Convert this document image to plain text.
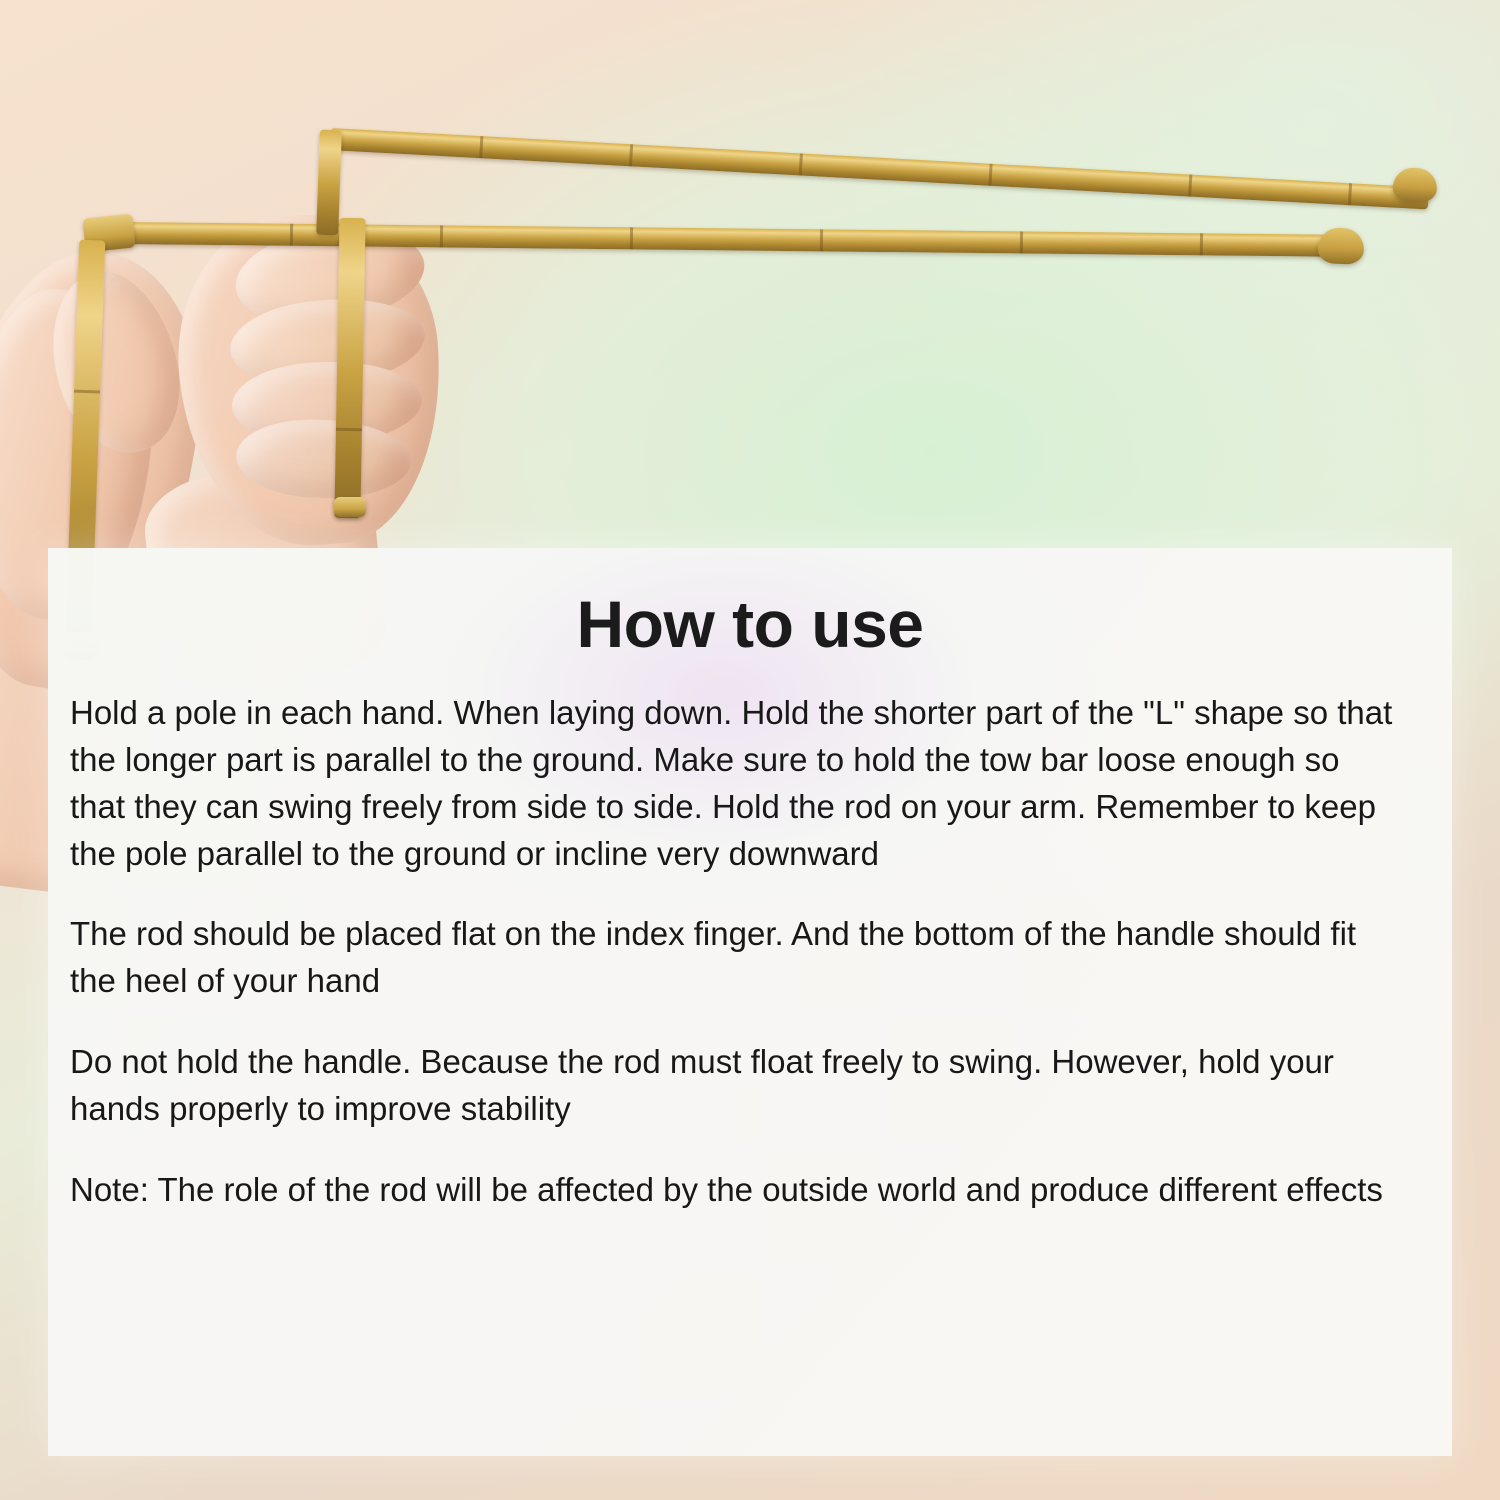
How to use

Hold a pole in each hand. When laying down. Hold the shorter part of the "L" shape so that the longer part is parallel to the ground. Make sure to hold the tow bar loose enough so that they can swing freely from side to side. Hold the rod on your arm. Remember to keep the pole parallel to the ground or incline very downward

The rod should be placed flat on the index finger. And the bottom of the handle should fit the heel of your hand

Do not hold the handle. Because the rod must float freely to swing. However, hold your hands properly to improve stability

Note: The role of the rod will be affected by the outside world and produce different effects
